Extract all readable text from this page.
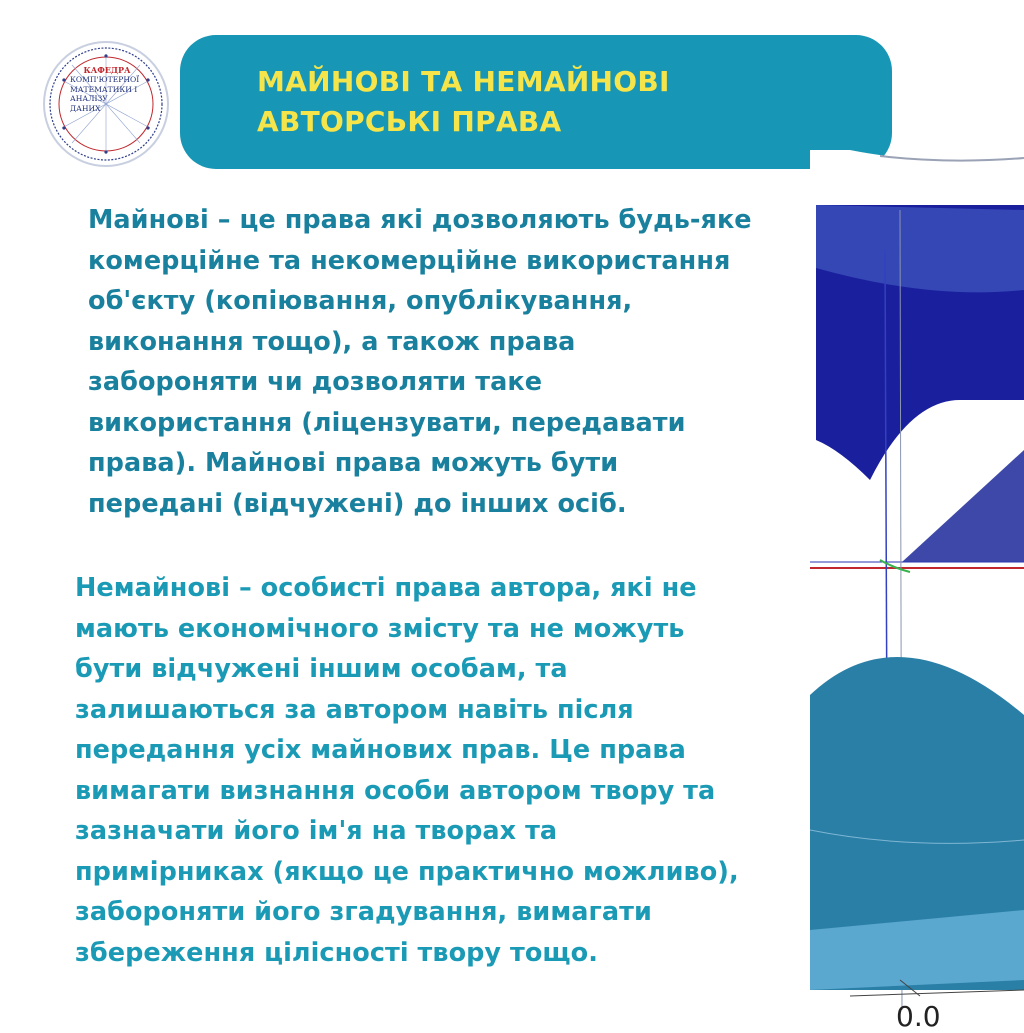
КАФЕДРА
КОМП'ЮТЕРНОЇ
МАТЕМАТИКИ І
АНАЛІЗУ
ДАНИХ
МАЙНОВІ ТА НЕМАЙНОВІ
АВТОРСЬКІ ПРАВА

Майнові – це права які дозволяють будь-яке
комерційне та некомерційне використання
об'єкту (копіювання, опублікування,
виконання тощо), а також права
забороняти чи дозволяти таке
використання (ліцензувати, передавати
права). Майнові права можуть бути
передані (відчужені) до інших осіб.

Немайнові – особисті права автора, які не
мають економічного змісту та не можуть
бути відчужені іншим особам, та
залишаються за автором навіть після
передання усіх майнових прав. Це права
вимагати визнання особи автором твору та
зазначати його ім'я на творах та
примірниках (якщо це практично можливо),
забороняти його згадування, вимагати
збереження цілісності твору тощо.

0.0
